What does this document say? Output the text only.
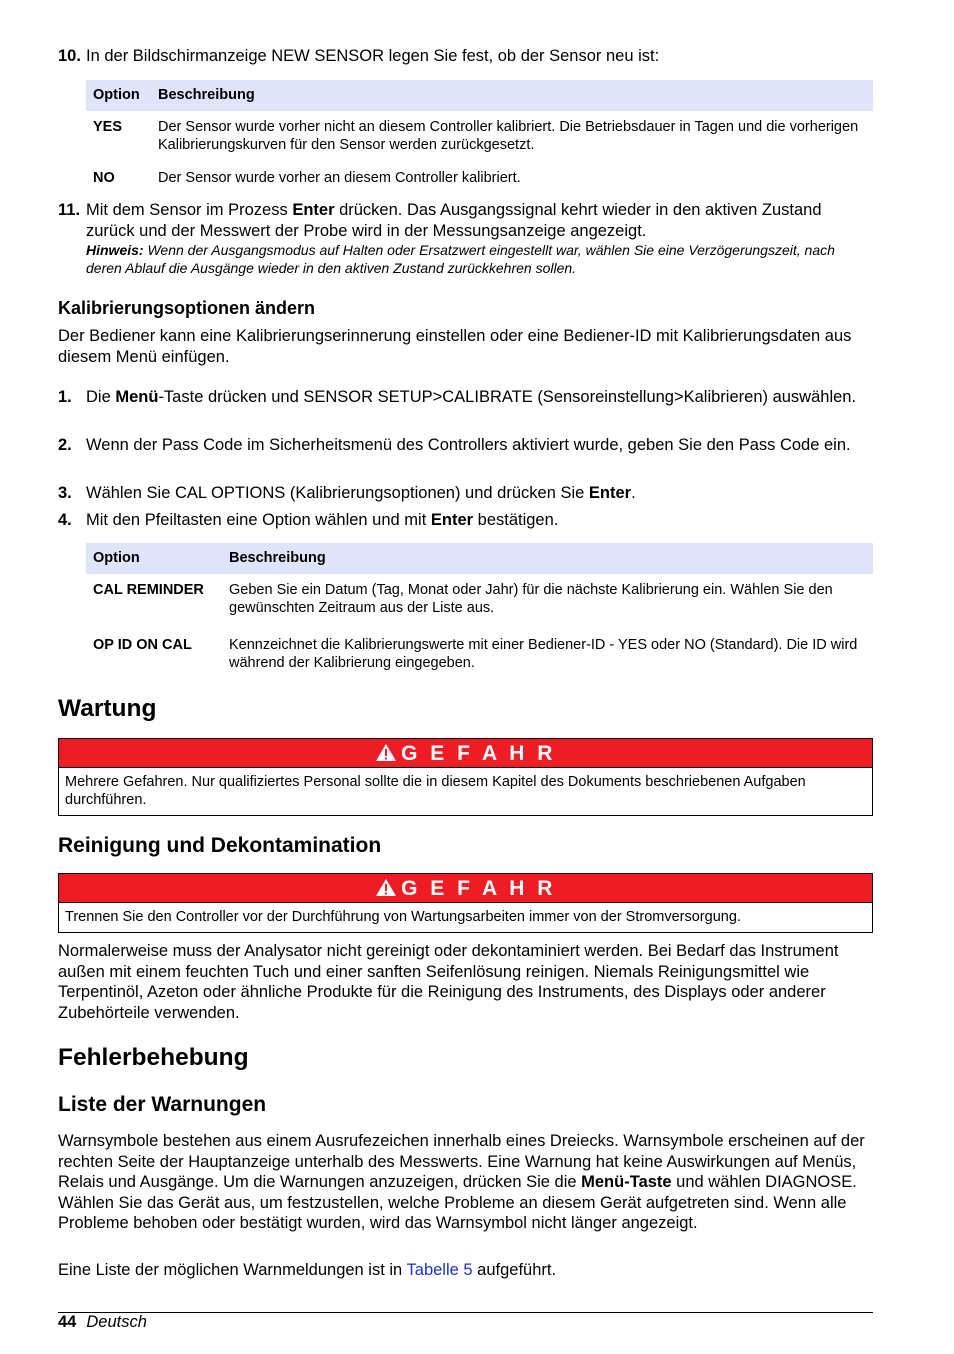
10. In der Bildschirmanzeige NEW SENSOR legen Sie fest, ob der Sensor neu ist:
Option	Beschreibung
YES	Der Sensor wurde vorher nicht an diesem Controller kalibriert. Die Betriebsdauer in Tagen und die vorherigen Kalibrierungskurven für den Sensor werden zurückgesetzt.
NO	Der Sensor wurde vorher an diesem Controller kalibriert.
11. Mit dem Sensor im Prozess Enter drücken. Das Ausgangssignal kehrt wieder in den aktiven Zustand zurück und der Messwert der Probe wird in der Messungsanzeige angezeigt.
Hinweis: Wenn der Ausgangsmodus auf Halten oder Ersatzwert eingestellt war, wählen Sie eine Verzögerungszeit, nach deren Ablauf die Ausgänge wieder in den aktiven Zustand zurückkehren sollen.
Kalibrierungsoptionen ändern
Der Bediener kann eine Kalibrierungserinnerung einstellen oder eine Bediener-ID mit Kalibrierungsdaten aus diesem Menü einfügen.
1. Die Menü-Taste drücken und SENSOR SETUP>CALIBRATE (Sensoreinstellung>Kalibrieren) auswählen.
2. Wenn der Pass Code im Sicherheitsmenü des Controllers aktiviert wurde, geben Sie den Pass Code ein.
3. Wählen Sie CAL OPTIONS (Kalibrierungsoptionen) und drücken Sie Enter.
4. Mit den Pfeiltasten eine Option wählen und mit Enter bestätigen.
Option	Beschreibung
CAL REMINDER	Geben Sie ein Datum (Tag, Monat oder Jahr) für die nächste Kalibrierung ein. Wählen Sie den gewünschten Zeitraum aus der Liste aus.
OP ID ON CAL	Kennzeichnet die Kalibrierungswerte mit einer Bediener-ID - YES oder NO (Standard). Die ID wird während der Kalibrierung eingegeben.
Wartung
G E F A H R
Mehrere Gefahren. Nur qualifiziertes Personal sollte die in diesem Kapitel des Dokuments beschriebenen Aufgaben durchführen.
Reinigung und Dekontamination
G E F A H R
Trennen Sie den Controller vor der Durchführung von Wartungsarbeiten immer von der Stromversorgung.
Normalerweise muss der Analysator nicht gereinigt oder dekontaminiert werden. Bei Bedarf das Instrument außen mit einem feuchten Tuch und einer sanften Seifenlösung reinigen. Niemals Reinigungsmittel wie Terpentinöl, Azeton oder ähnliche Produkte für die Reinigung des Instruments, des Displays oder anderer Zubehörteile verwenden.
Fehlerbehebung
Liste der Warnungen
Warnsymbole bestehen aus einem Ausrufezeichen innerhalb eines Dreiecks. Warnsymbole erscheinen auf der rechten Seite der Hauptanzeige unterhalb des Messwerts. Eine Warnung hat keine Auswirkungen auf Menüs, Relais und Ausgänge. Um die Warnungen anzuzeigen, drücken Sie die Menü-Taste und wählen DIAGNOSE. Wählen Sie das Gerät aus, um festzustellen, welche Probleme an diesem Gerät aufgetreten sind. Wenn alle Probleme behoben oder bestätigt wurden, wird das Warnsymbol nicht länger angezeigt.
Eine Liste der möglichen Warnmeldungen ist in Tabelle 5 aufgeführt.
44 Deutsch
